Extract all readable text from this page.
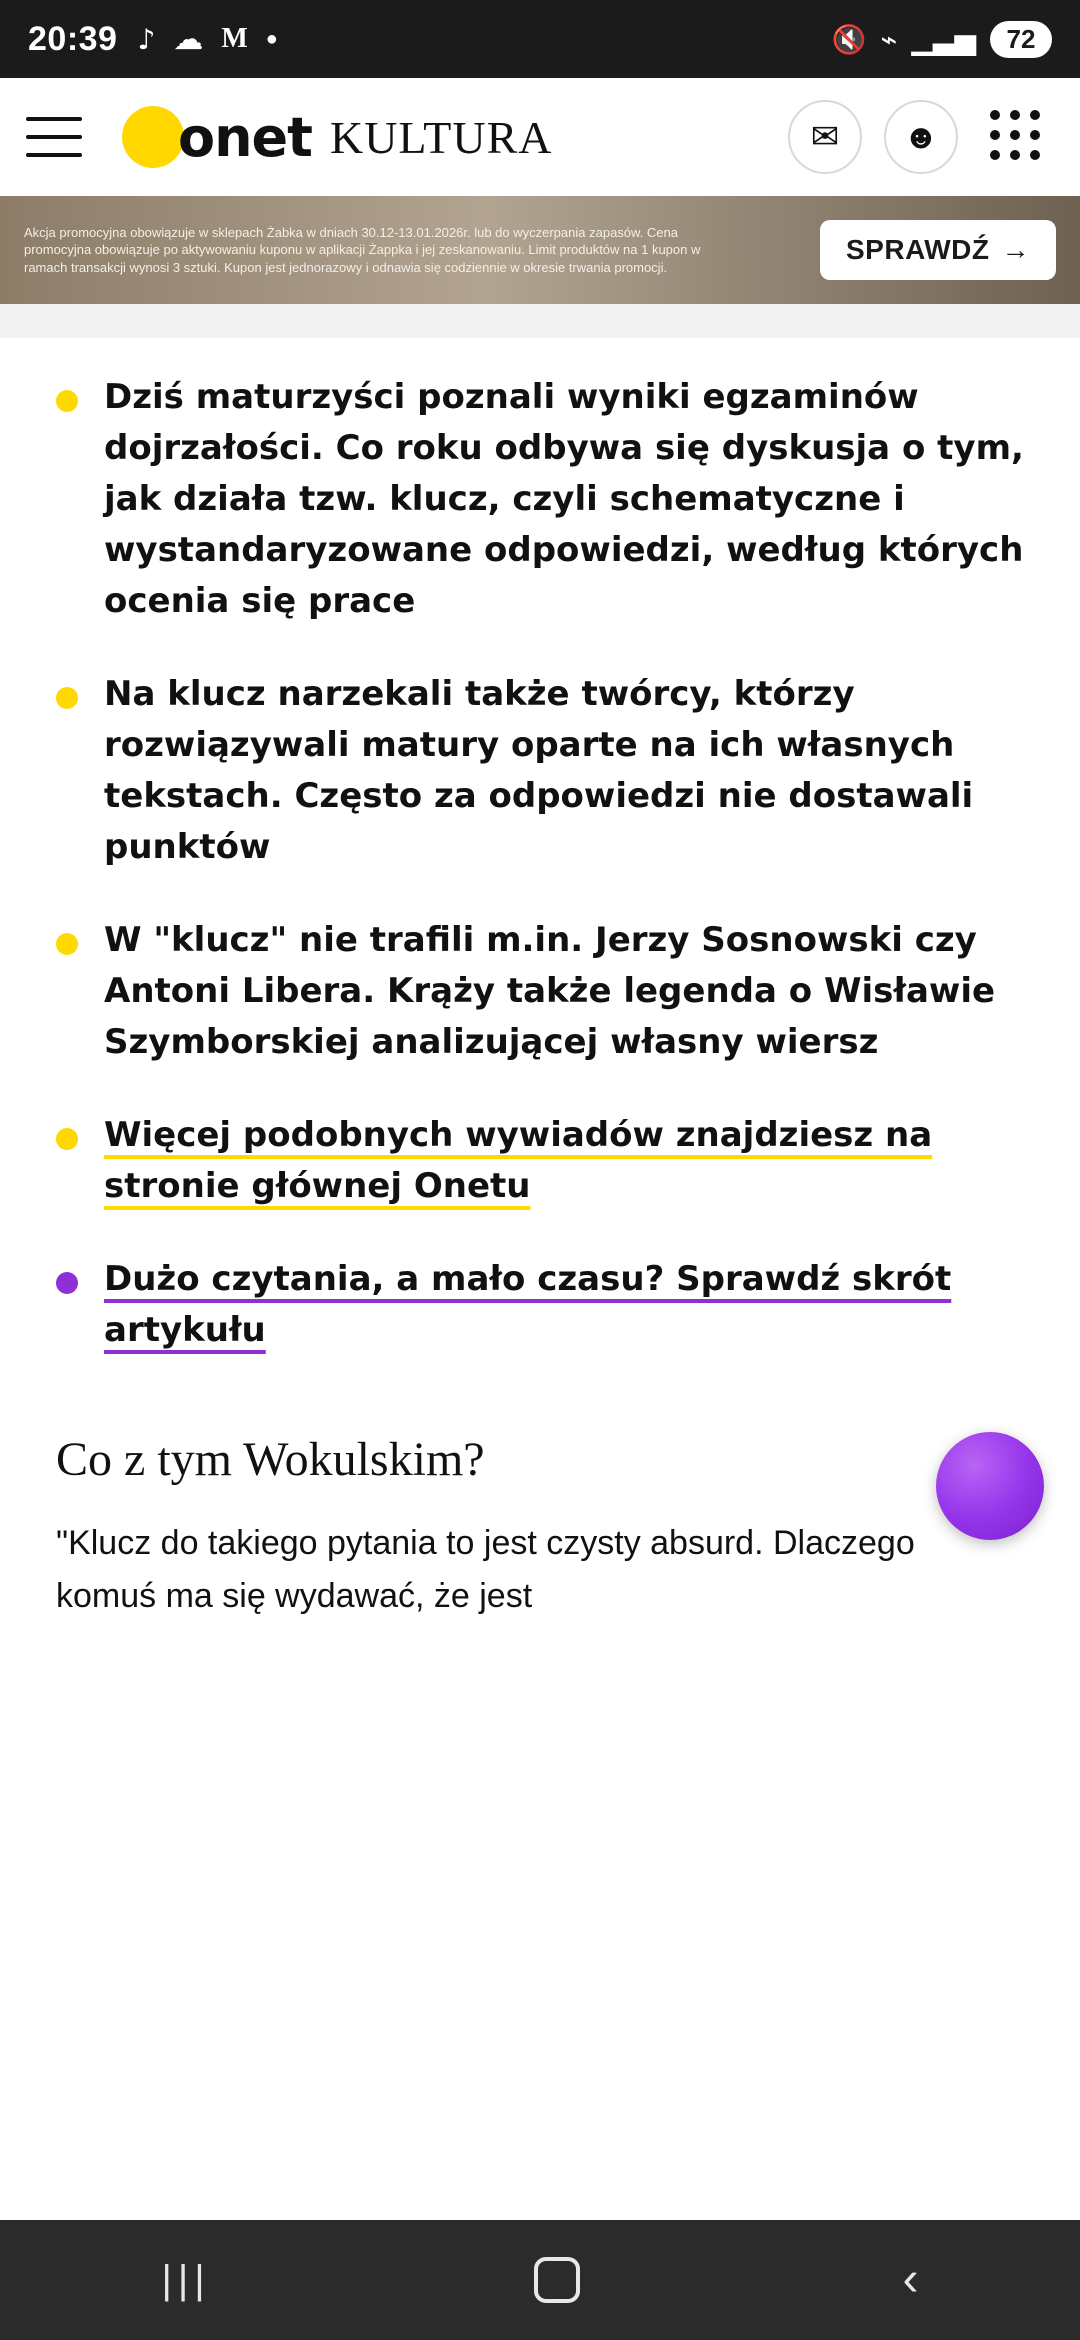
20:39 ♪ ☁ M ●	🔇 ⌁ ▁▃▅	72
onet KULTURA	✉	☻
Akcja promocyjna obowiązuje w sklepach Żabka w dniach 30.12-13.01.2026r. lub do wyczerpania zapasów. Cena promocyjna obowiązuje po aktywowaniu kuponu w aplikacji Żappka i jej zeskanowaniu. Limit produktów na 1 kupon w ramach transakcji wynosi 3 sztuki. Kupon jest jednorazowy i odnawia się codziennie w okresie trwania promocji.
SPRAWDŹ →
Dziś maturzyści poznali wyniki egzaminów dojrzałości. Co roku odbywa się dyskusja o tym, jak działa tzw. klucz, czyli schematyczne i wystandaryzowane odpowiedzi, według których ocenia się prace
Na klucz narzekali także twórcy, którzy rozwiązywali matury oparte na ich własnych tekstach. Często za odpowiedzi nie dostawali punktów
W "klucz" nie trafili m.in. Jerzy Sosnowski czy Antoni Libera. Krąży także legenda o Wisławie Szymborskiej analizującej własny wiersz
Więcej podobnych wywiadów znajdziesz na stronie głównej Onetu
Dużo czytania, a mało czasu? Sprawdź skrót artykułu
Co z tym Wokulskim?
"Klucz do takiego pytania to jest czysty absurd. Dlaczego komuś ma się wydawać, że jest
|||	‹
